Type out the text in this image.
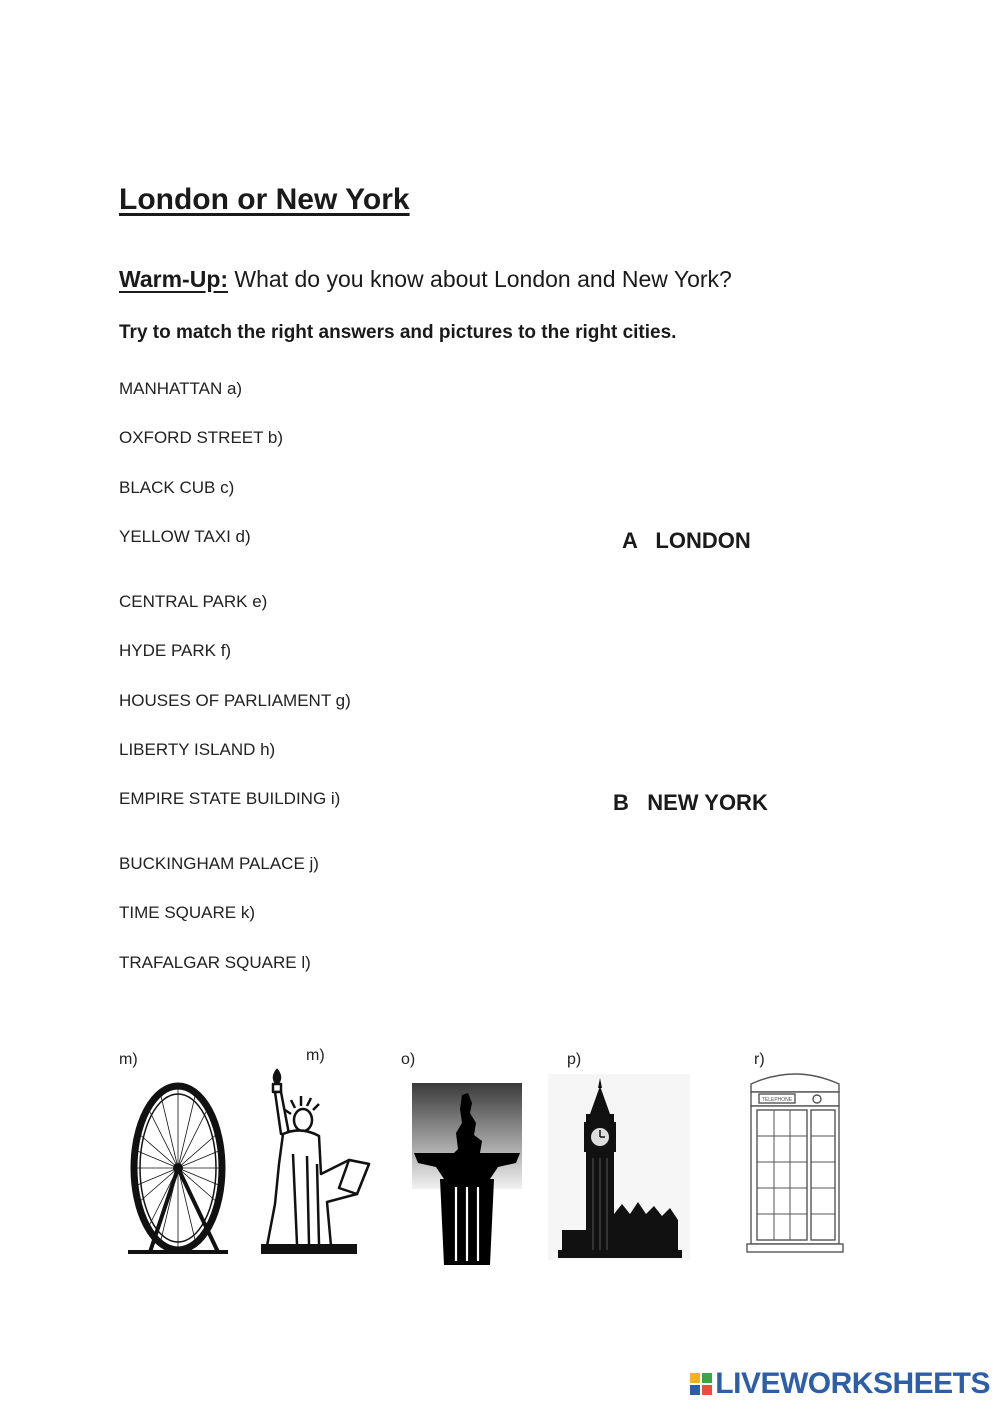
London or New York
Warm-Up: What do you know about London and New York?
Try to match the right answers and pictures to the right cities.
MANHATTAN a)
OXFORD STREET b)
BLACK CUB c)
YELLOW TAXI d)
CENTRAL PARK e)
HYDE PARK f)
HOUSES OF PARLIAMENT g)
LIBERTY ISLAND h)
EMPIRE STATE BUILDING i)
BUCKINGHAM PALACE j)
TIME SQUARE k)
TRAFALGAR SQUARE l)
A   LONDON
B   NEW YORK
m)	m)	o)	p)	r)
TELEPHONE
LIVEWORKSHEETS
